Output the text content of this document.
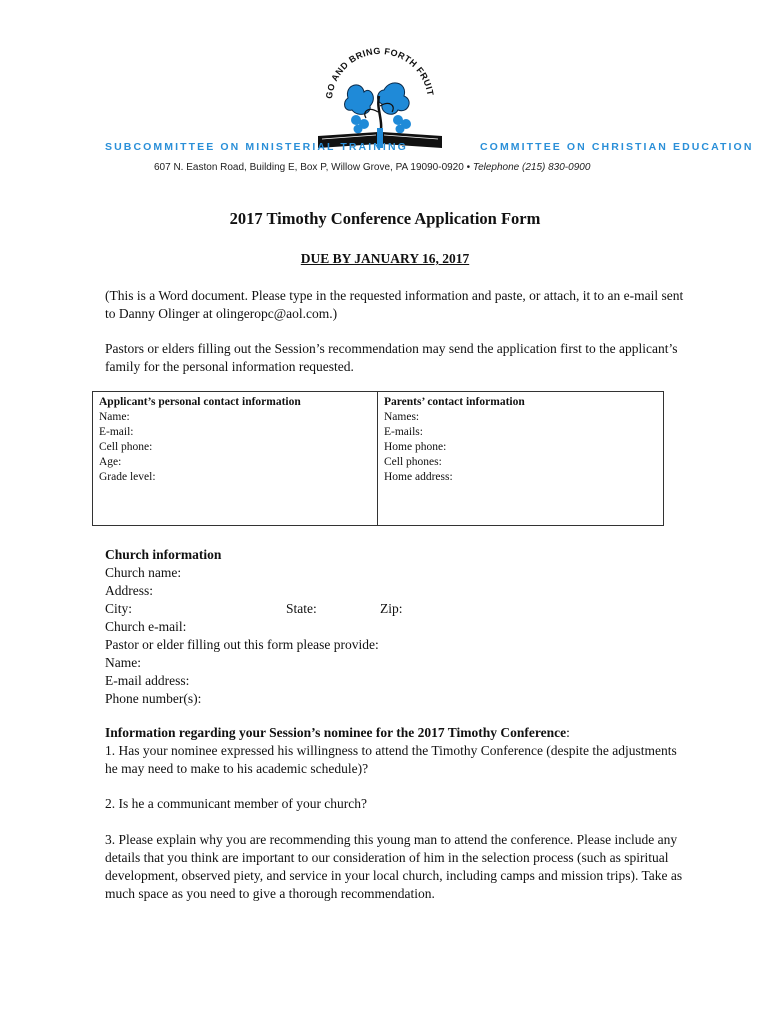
GO AND BRING FORTH FRUIT
SUBCOMMITTEE ON MINISTERIAL TRAINING	COMMITTEE ON CHRISTIAN EDUCATION
607 N. Easton Road, Building E, Box P, Willow Grove, PA 19090-0920 • Telephone (215) 830-0900
2017 Timothy Conference Application Form
DUE BY JANUARY 16, 2017
(This is a Word document. Please type in the requested information and paste, or attach, it to an e-mail sent to Danny Olinger at olingeropc@aol.com.)
Pastors or elders filling out the Session’s recommendation may send the application first to the applicant’s family for the personal information requested.
Applicant’s personal contact information
Name:
E-mail:
Cell phone:
Age:
Grade level:
Parents’ contact information
Names:
E-mails:
Home phone:
Cell phones:
Home address:
Church information
Church name:
Address:
City:	State:	Zip:
Church e-mail:
Pastor or elder filling out this form please provide:
Name:
E-mail address:
Phone number(s):
Information regarding your Session’s nominee for the 2017 Timothy Conference:
1. Has your nominee expressed his willingness to attend the Timothy Conference (despite the adjustments he may need to make to his academic schedule)?
2. Is he a communicant member of your church?
3. Please explain why you are recommending this young man to attend the conference. Please include any details that you think are important to our consideration of him in the selection process (such as spiritual development, observed piety, and service in your local church, including camps and mission trips). Take as much space as you need to give a thorough recommendation.
